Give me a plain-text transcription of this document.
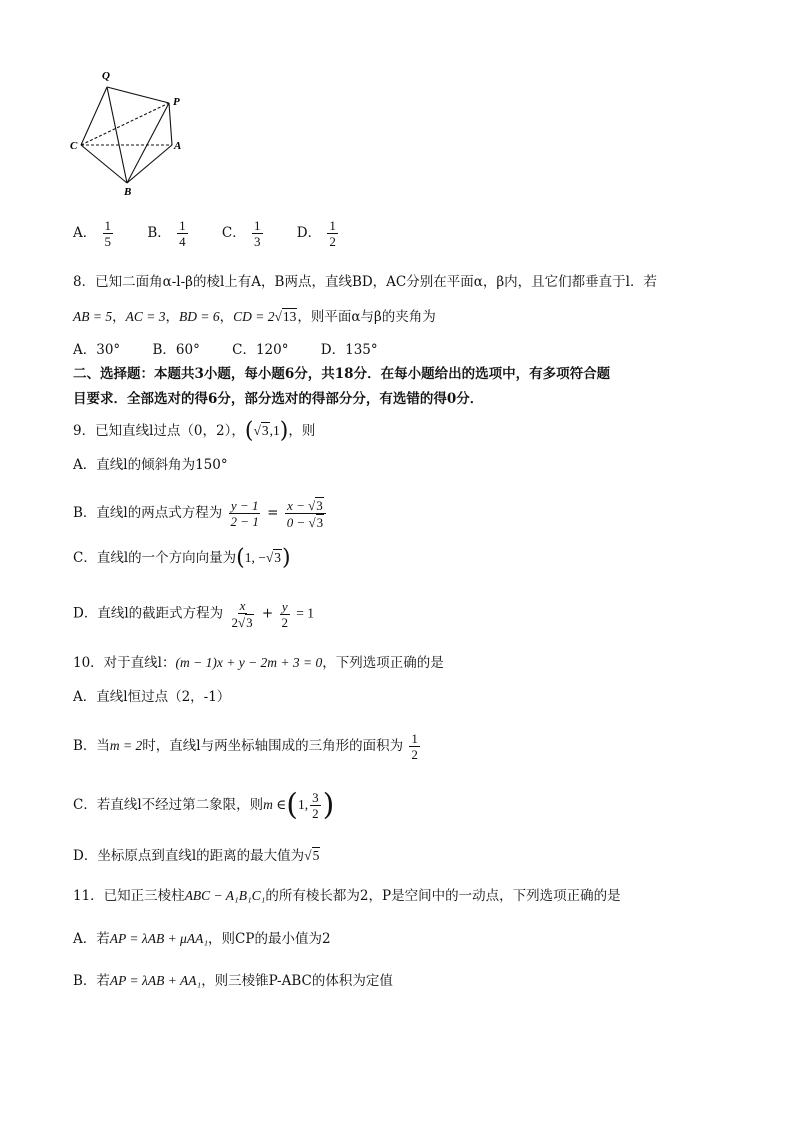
Q
P
C	A
B
A． $\frac{1}{5}$	B． $\frac{1}{4}$	C． $\frac{1}{3}$	D． $\frac{1}{2}$
8．已知二面角α-l-β的棱l上有A，B两点，直线BD，AC分别在平面α，β内，且它们都垂直于l．若
AB = 5，AC = 3，BD = 6，CD = 2√13，则平面α与β的夹角为
A．30° B．60° C．120° D．135°
二、选择题：本题共3小题，每小题6分，共18分．在每小题给出的选项中，有多项符合题
目要求．全部选对的得6分，部分选对的得部分分，有选错的得0分．
9．已知直线l过点（0，2），(√3,1)，则
A．直线l的倾斜角为150°
B．直线l的两点式方程为 $\frac{y - 1}{2 - 1} = \frac{x - √3}{0 - √3}$
C．直线l的一个方向向量为(1, −√3)
D．直线l的截距式方程为 $\frac{x}{2√3} + \frac{y}{2} = 1$
10．对于直线l：(m − 1)x + y − 2m + 3 = 0，下列选项正确的是
A．直线l恒过点（2，-1）
B．当m = 2时，直线l与两坐标轴围成的三角形的面积为 $\frac{1}{2}$
C．若直线l不经过第二象限，则m ∈(1, $\frac{3}{2}$ )
D．坐标原点到直线l的距离的最大值为√5
11．已知正三棱柱ABC − A₁B₁C₁的所有棱长都为2，P是空间中的一动点，下列选项正确的是
A．若AP = λAB + μAA₁，则CP的最小值为2
B．若AP = λAB + AA₁，则三棱锥P-ABC的体积为定值
